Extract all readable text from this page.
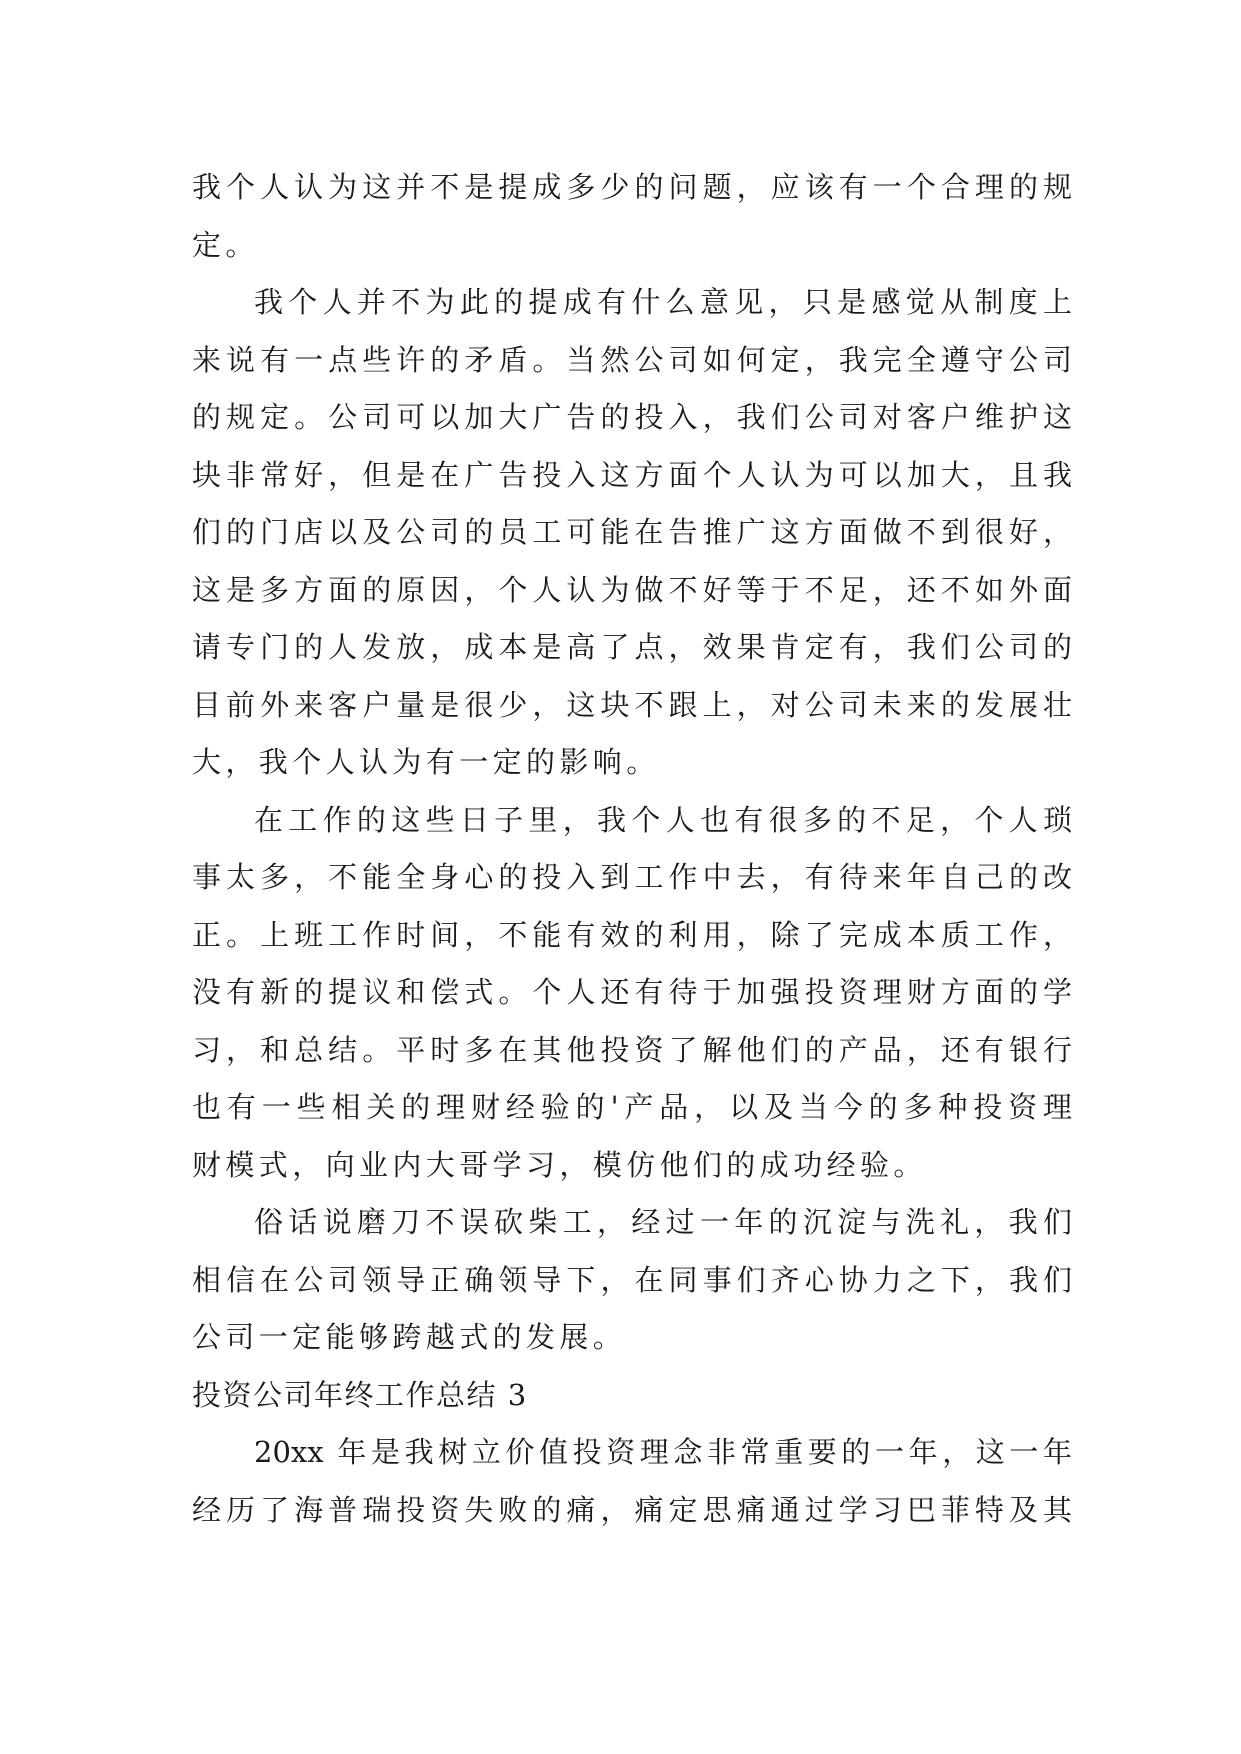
我个人认为这并不是提成多少的问题，应该有一个合理的规
定。
我个人并不为此的提成有什么意见，只是感觉从制度上
来说有一点些许的矛盾。当然公司如何定，我完全遵守公司
的规定。公司可以加大广告的投入，我们公司对客户维护这
块非常好，但是在广告投入这方面个人认为可以加大，且我
们的门店以及公司的员工可能在告推广这方面做不到很好，
这是多方面的原因，个人认为做不好等于不足，还不如外面
请专门的人发放，成本是高了点，效果肯定有，我们公司的
目前外来客户量是很少，这块不跟上，对公司未来的发展壮
大，我个人认为有一定的影响。
在工作的这些日子里，我个人也有很多的不足，个人琐
事太多，不能全身心的投入到工作中去，有待来年自己的改
正。上班工作时间，不能有效的利用，除了完成本质工作，
没有新的提议和偿式。个人还有待于加强投资理财方面的学
习，和总结。平时多在其他投资了解他们的产品，还有银行
也有一些相关的理财经验的'产品，以及当今的多种投资理
财模式，向业内大哥学习，模仿他们的成功经验。
俗话说磨刀不误砍柴工，经过一年的沉淀与洗礼，我们
相信在公司领导正确领导下，在同事们齐心协力之下，我们
公司一定能够跨越式的发展。
投资公司年终工作总结 3
20xx 年是我树立价值投资理念非常重要的一年，这一年
经历了海普瑞投资失败的痛，痛定思痛通过学习巴菲特及其
